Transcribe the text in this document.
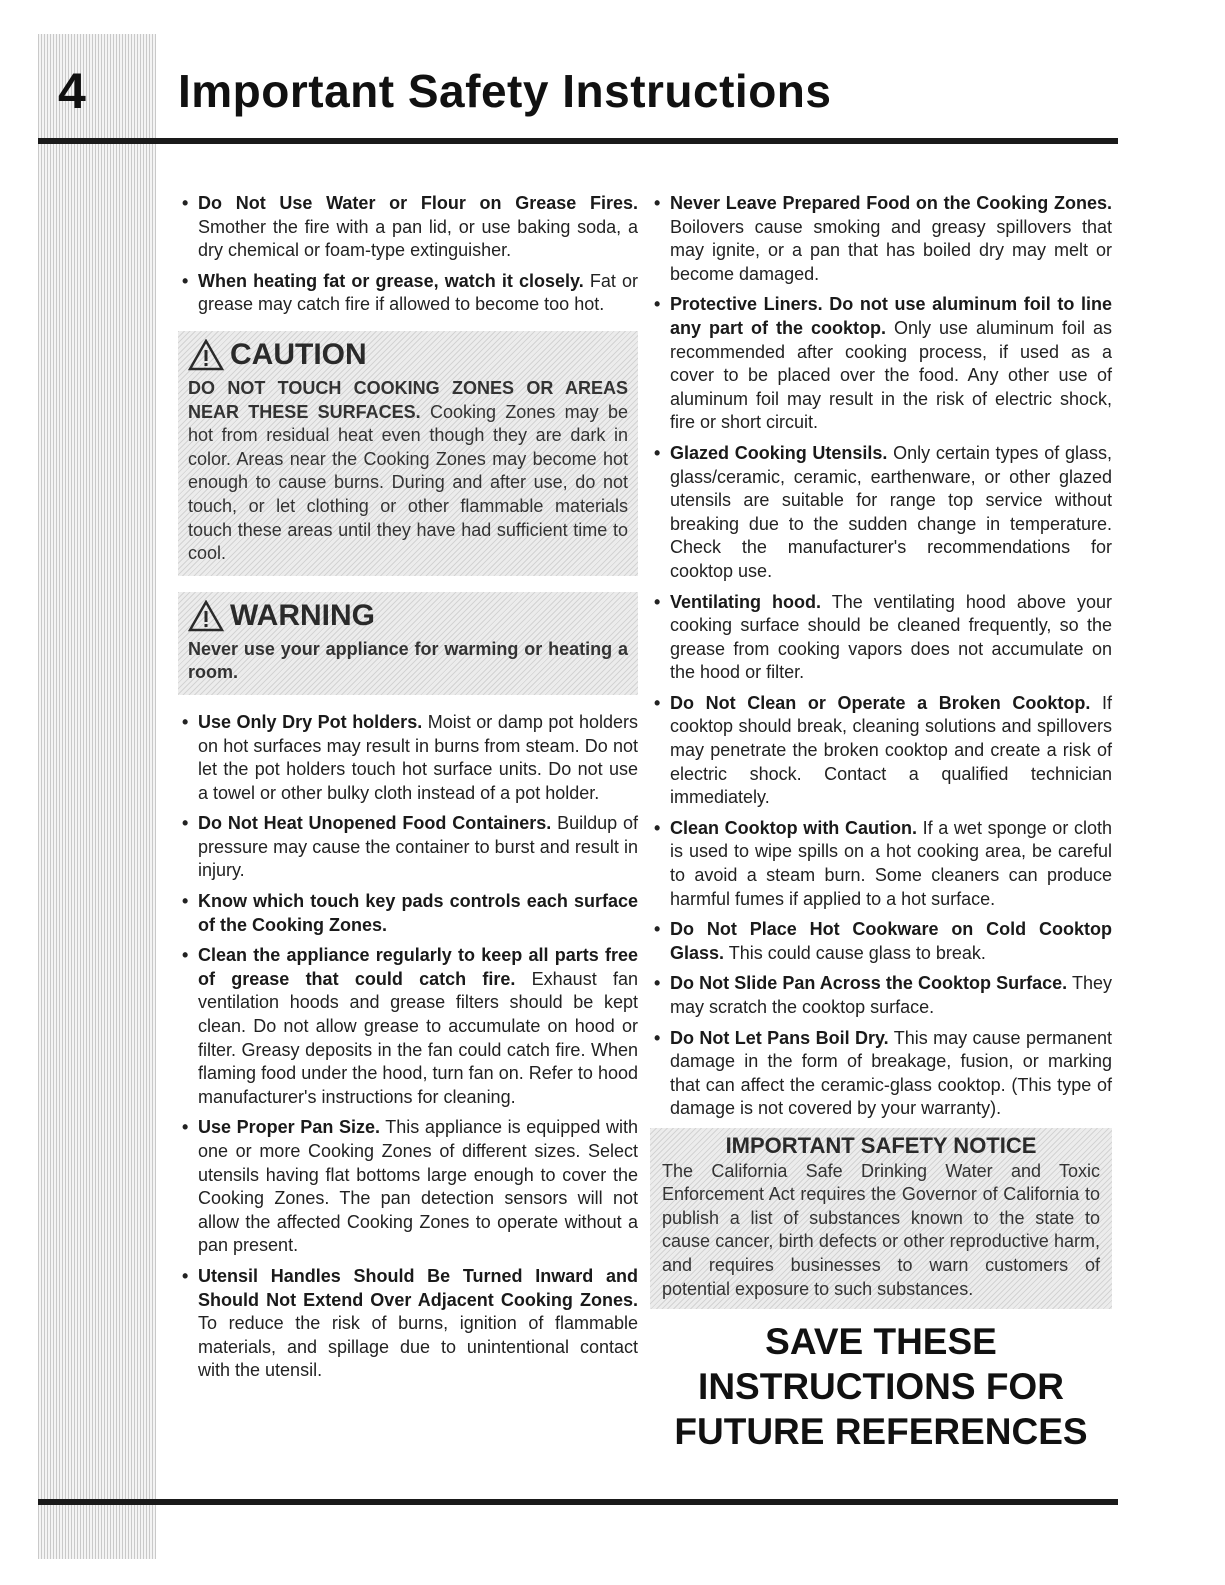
4 Important Safety Instructions
• Do Not Use Water or Flour on Grease Fires. Smother the fire with a pan lid, or use baking soda, a dry chemical or foam-type extinguisher.
• When heating fat or grease, watch it closely. Fat or grease may catch fire if allowed to become too hot.
CAUTION
DO NOT TOUCH COOKING ZONES OR AREAS NEAR THESE SURFACES. Cooking Zones may be hot from residual heat even though they are dark in color. Areas near the Cooking Zones may become hot enough to cause burns. During and after use, do not touch, or let clothing or other flammable materials touch these areas until they have had sufficient time to cool.
WARNING
Never use your appliance for warming or heating a room.
• Use Only Dry Pot holders. Moist or damp pot holders on hot surfaces may result in burns from steam. Do not let the pot holders touch hot surface units. Do not use a towel or other bulky cloth instead of a pot holder.
• Do Not Heat Unopened Food Containers. Buildup of pressure may cause the container to burst and result in injury.
• Know which touch key pads controls each surface of the Cooking Zones.
• Clean the appliance regularly to keep all parts free of grease that could catch fire. Exhaust fan ventilation hoods and grease filters should be kept clean. Do not allow grease to accumulate on hood or filter. Greasy deposits in the fan could catch fire. When flaming food under the hood, turn fan on. Refer to hood manufacturer's instructions for cleaning.
• Use Proper Pan Size. This appliance is equipped with one or more Cooking Zones of different sizes. Select utensils having flat bottoms large enough to cover the Cooking Zones. The pan detection sensors will not allow the affected Cooking Zones to operate without a pan present.
• Utensil Handles Should Be Turned Inward and Should Not Extend Over Adjacent Cooking Zones. To reduce the risk of burns, ignition of flammable materials, and spillage due to unintentional contact with the utensil.
• Never Leave Prepared Food on the Cooking Zones. Boilovers cause smoking and greasy spillovers that may ignite, or a pan that has boiled dry may melt or become damaged.
• Protective Liners. Do not use aluminum foil to line any part of the cooktop. Only use aluminum foil as recommended after cooking process, if used as a cover to be placed over the food. Any other use of aluminum foil may result in the risk of electric shock, fire or short circuit.
• Glazed Cooking Utensils. Only certain types of glass, glass/ceramic, ceramic, earthenware, or other glazed utensils are suitable for range top service without breaking due to the sudden change in temperature. Check the manufacturer's recommendations for cooktop use.
• Ventilating hood. The ventilating hood above your cooking surface should be cleaned frequently, so the grease from cooking vapors does not accumulate on the hood or filter.
• Do Not Clean or Operate a Broken Cooktop. If cooktop should break, cleaning solutions and spillovers may penetrate the broken cooktop and create a risk of electric shock. Contact a qualified technician immediately.
• Clean Cooktop with Caution. If a wet sponge or cloth is used to wipe spills on a hot cooking area, be careful to avoid a steam burn. Some cleaners can produce harmful fumes if applied to a hot surface.
• Do Not Place Hot Cookware on Cold Cooktop Glass. This could cause glass to break.
• Do Not Slide Pan Across the Cooktop Surface. They may scratch the cooktop surface.
• Do Not Let Pans Boil Dry. This may cause permanent damage in the form of breakage, fusion, or marking that can affect the ceramic-glass cooktop. (This type of damage is not covered by your warranty).
IMPORTANT SAFETY NOTICE
The California Safe Drinking Water and Toxic Enforcement Act requires the Governor of California to publish a list of substances known to the state to cause cancer, birth defects or other reproductive harm, and requires businesses to warn customers of potential exposure to such substances.
SAVE THESE
INSTRUCTIONS FOR
FUTURE REFERENCES
